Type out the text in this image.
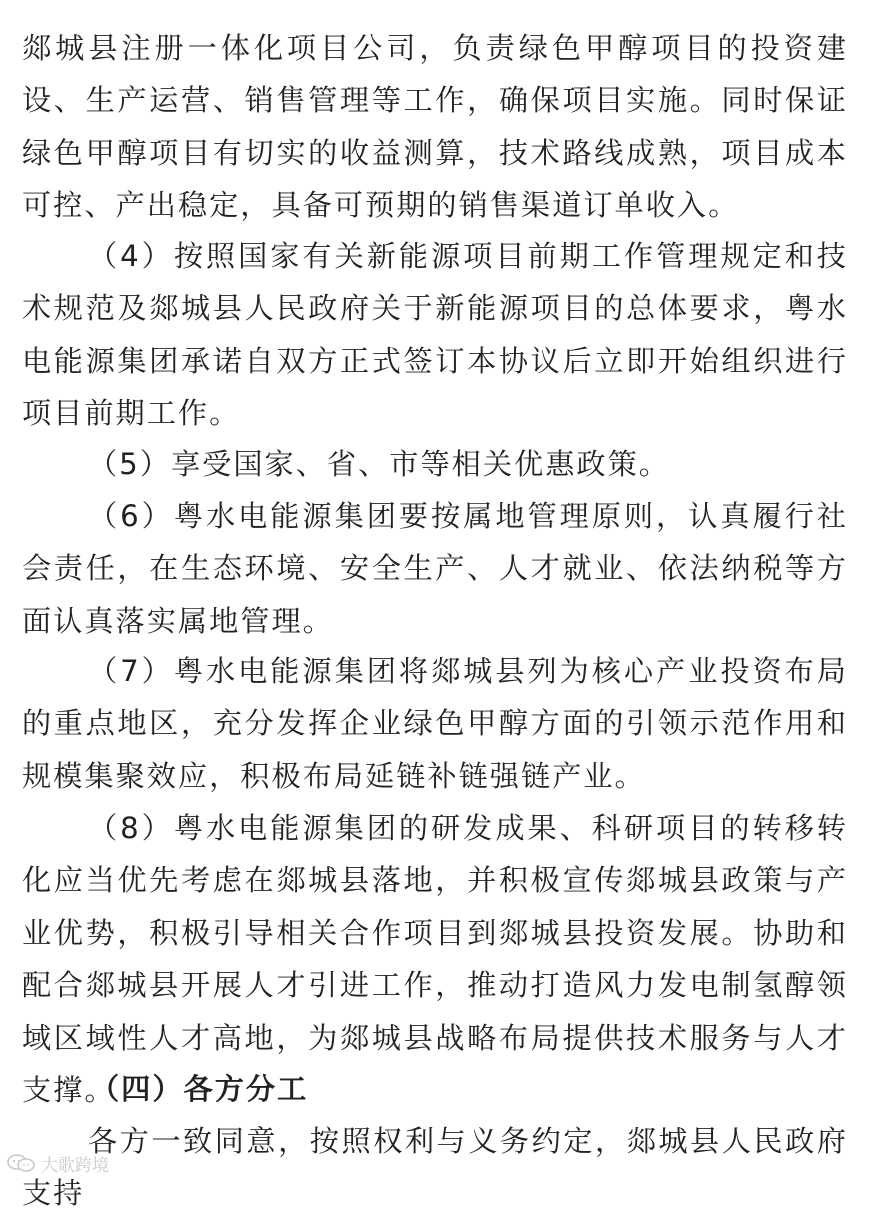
郯城县注册一体化项目公司，负责绿色甲醇项目的投资建设、生产运营、销售管理等工作，确保项目实施。同时保证绿色甲醇项目有切实的收益测算，技术路线成熟，项目成本可控、产出稳定，具备可预期的销售渠道订单收入。

（4）按照国家有关新能源项目前期工作管理规定和技术规范及郯城县人民政府关于新能源项目的总体要求，粤水电能源集团承诺自双方正式签订本协议后立即开始组织进行项目前期工作。

（5）享受国家、省、市等相关优惠政策。

（6）粤水电能源集团要按属地管理原则，认真履行社会责任，在生态环境、安全生产、人才就业、依法纳税等方面认真落实属地管理。

（7）粤水电能源集团将郯城县列为核心产业投资布局的重点地区，充分发挥企业绿色甲醇方面的引领示范作用和规模集聚效应，积极布局延链补链强链产业。

（8）粤水电能源集团的研发成果、科研项目的转移转化应当优先考虑在郯城县落地，并积极宣传郯城县政策与产业优势，积极引导相关合作项目到郯城县投资发展。协助和配合郯城县开展人才引进工作，推动打造风力发电制氢醇领域区域性人才高地，为郯城县战略布局提供技术服务与人才支撑。

（四）各方分工

各方一致同意，按照权利与义务约定，郯城县人民政府支持

大歌跨境
